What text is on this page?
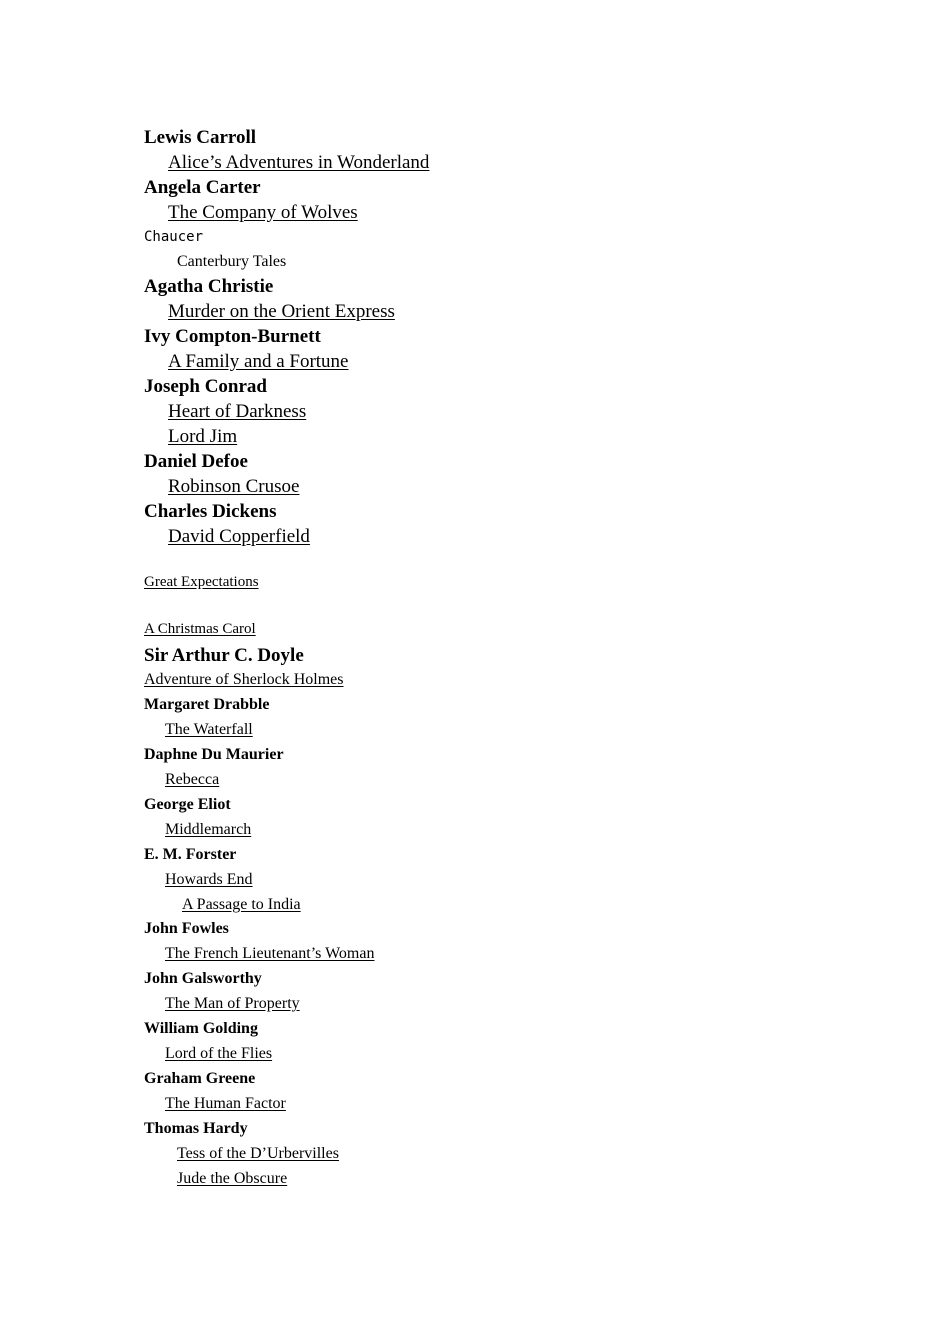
Lewis Carroll
Alice’s Adventures in Wonderland
Angela Carter
The Company of Wolves
Chaucer
Canterbury Tales
Agatha Christie
Murder on the Orient Express
Ivy Compton-Burnett
A Family and a Fortune
Joseph Conrad
Heart of Darkness
Lord Jim
Daniel Defoe
Robinson Crusoe
Charles Dickens
David Copperfield
Great Expectations
A Christmas Carol
Sir Arthur C. Doyle
Adventure of Sherlock Holmes
Margaret Drabble
The Waterfall
Daphne Du Maurier
Rebecca
George Eliot
Middlemarch
E. M. Forster
Howards End
A Passage to India
John Fowles
The French Lieutenant’s Woman
John Galsworthy
The Man of Property
William Golding
Lord of the Flies
Graham Greene
The Human Factor
Thomas Hardy
Tess of the D’Urbervilles
Jude the Obscure
